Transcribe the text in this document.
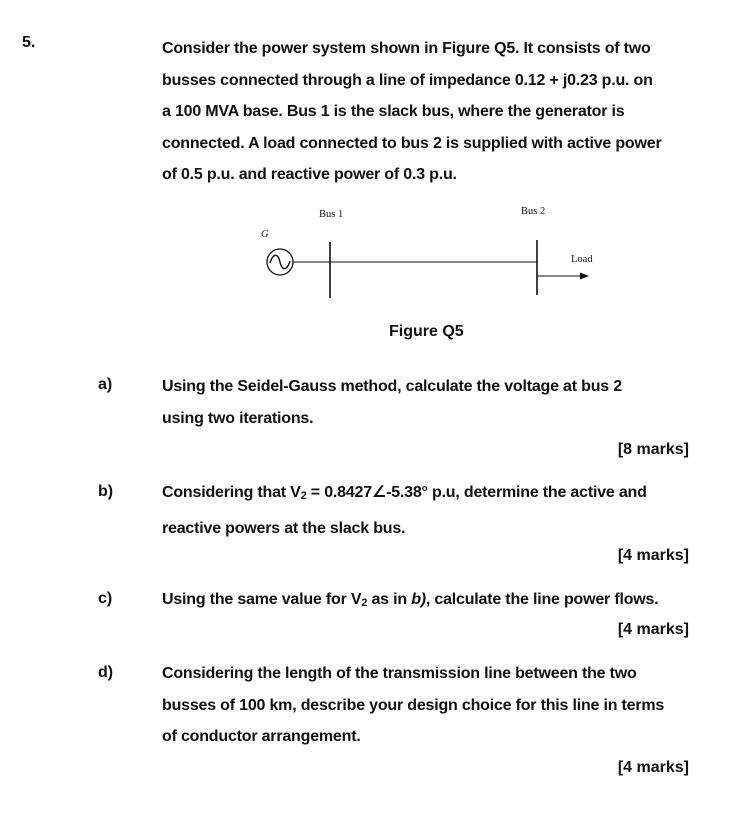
5.	Consider the power system shown in Figure Q5. It consists of two
busses connected through a line of impedance 0.12 + j0.23 p.u. on
a 100 MVA base. Bus 1 is the slack bus, where the generator is
connected. A load connected to bus 2 is supplied with active power
of 0.5 p.u. and reactive power of 0.3 p.u.
G
Bus 1	Bus 2
Load
Figure Q5
a)	Using the Seidel-Gauss method, calculate the voltage at bus 2
using two iterations.
[8 marks]
b)	Considering that V2 = 0.8427∠-5.38° p.u, determine the active and
reactive powers at the slack bus.
[4 marks]
c)	Using the same value for V2 as in b), calculate the line power flows.
[4 marks]
d)	Considering the length of the transmission line between the two
busses of 100 km, describe your design choice for this line in terms
of conductor arrangement.
[4 marks]
